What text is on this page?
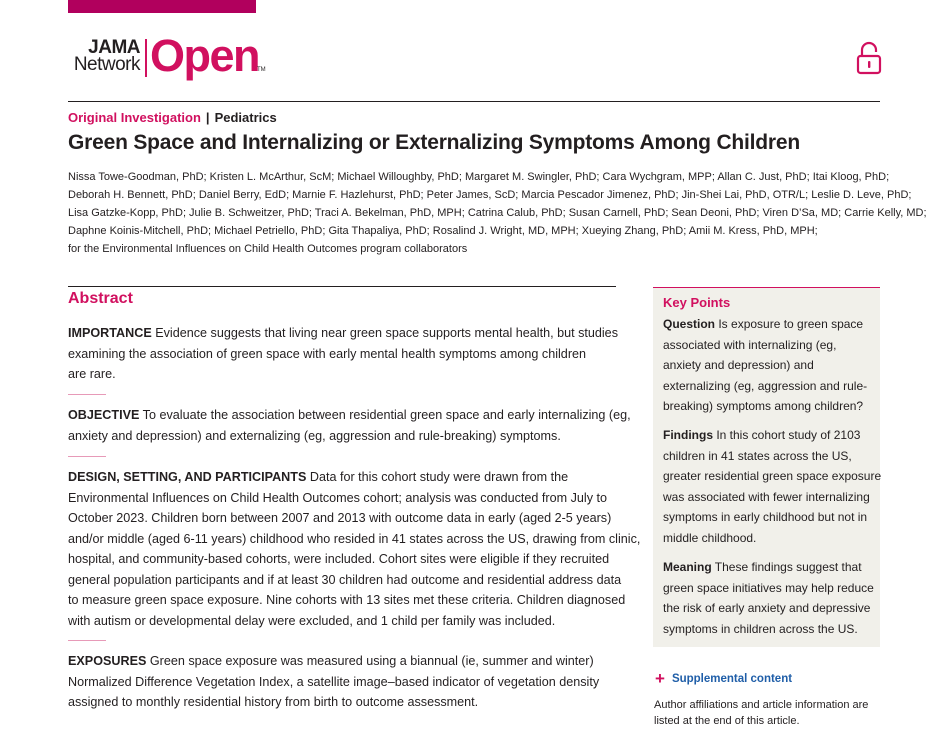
JAMA
Network Open
TM
Original Investigation | Pediatrics
Green Space and Internalizing or Externalizing Symptoms Among Children
Nissa Towe-Goodman, PhD; Kristen L. McArthur, ScM; Michael Willoughby, PhD; Margaret M. Swingler, PhD; Cara Wychgram, MPP; Allan C. Just, PhD; Itai Kloog, PhD;
Deborah H. Bennett, PhD; Daniel Berry, EdD; Marnie F. Hazlehurst, PhD; Peter James, ScD; Marcia Pescador Jimenez, PhD; Jin-Shei Lai, PhD, OTR/L; Leslie D. Leve, PhD;
Lisa Gatzke-Kopp, PhD; Julie B. Schweitzer, PhD; Traci A. Bekelman, PhD, MPH; Catrina Calub, PhD; Susan Carnell, PhD; Sean Deoni, PhD; Viren D’Sa, MD; Carrie Kelly, MD;
Daphne Koinis-Mitchell, PhD; Michael Petriello, PhD; Gita Thapaliya, PhD; Rosalind J. Wright, MD, MPH; Xueying Zhang, PhD; Amii M. Kress, PhD, MPH;
for the Environmental Influences on Child Health Outcomes program collaborators
Abstract
IMPORTANCE Evidence suggests that living near green space supports mental health, but studies
examining the association of green space with early mental health symptoms among children
are rare.
OBJECTIVE To evaluate the association between residential green space and early internalizing (eg,
anxiety and depression) and externalizing (eg, aggression and rule-breaking) symptoms.
DESIGN, SETTING, AND PARTICIPANTS Data for this cohort study were drawn from the
Environmental Influences on Child Health Outcomes cohort; analysis was conducted from July to
October 2023. Children born between 2007 and 2013 with outcome data in early (aged 2-5 years)
and/or middle (aged 6-11 years) childhood who resided in 41 states across the US, drawing from clinic,
hospital, and community-based cohorts, were included. Cohort sites were eligible if they recruited
general population participants and if at least 30 children had outcome and residential address data
to measure green space exposure. Nine cohorts with 13 sites met these criteria. Children diagnosed
with autism or developmental delay were excluded, and 1 child per family was included.
EXPOSURES Green space exposure was measured using a biannual (ie, summer and winter)
Normalized Difference Vegetation Index, a satellite image–based indicator of vegetation density
assigned to monthly residential history from birth to outcome assessment.
Key Points
Question Is exposure to green space
associated with internalizing (eg,
anxiety and depression) and
externalizing (eg, aggression and rule-
breaking) symptoms among children?
Findings In this cohort study of 2103
children in 41 states across the US,
greater residential green space exposure
was associated with fewer internalizing
symptoms in early childhood but not in
middle childhood.
Meaning These findings suggest that
green space initiatives may help reduce
the risk of early anxiety and depressive
symptoms in children across the US.
+ Supplemental content
Author affiliations and article information are
listed at the end of this article.
